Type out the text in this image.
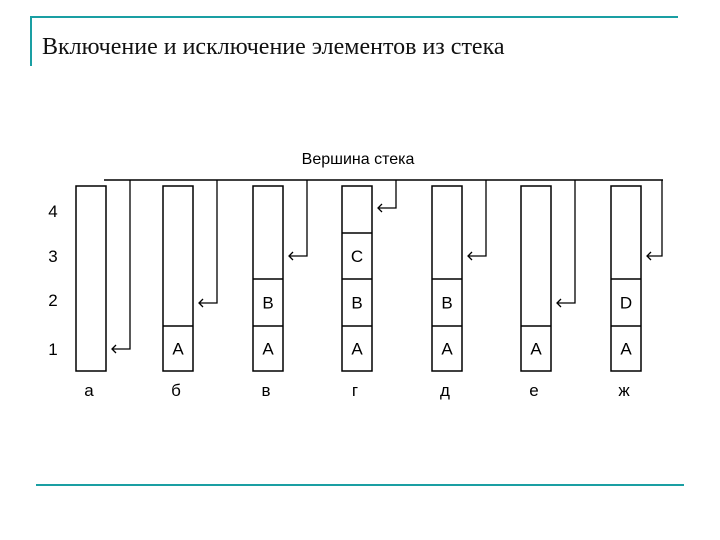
Включение и исключение элементов из стека
Вершина стека
4
3
2
1
а
A
б
A
B
в
A
B
C
г
A
B
д
A
е
A
D
ж
